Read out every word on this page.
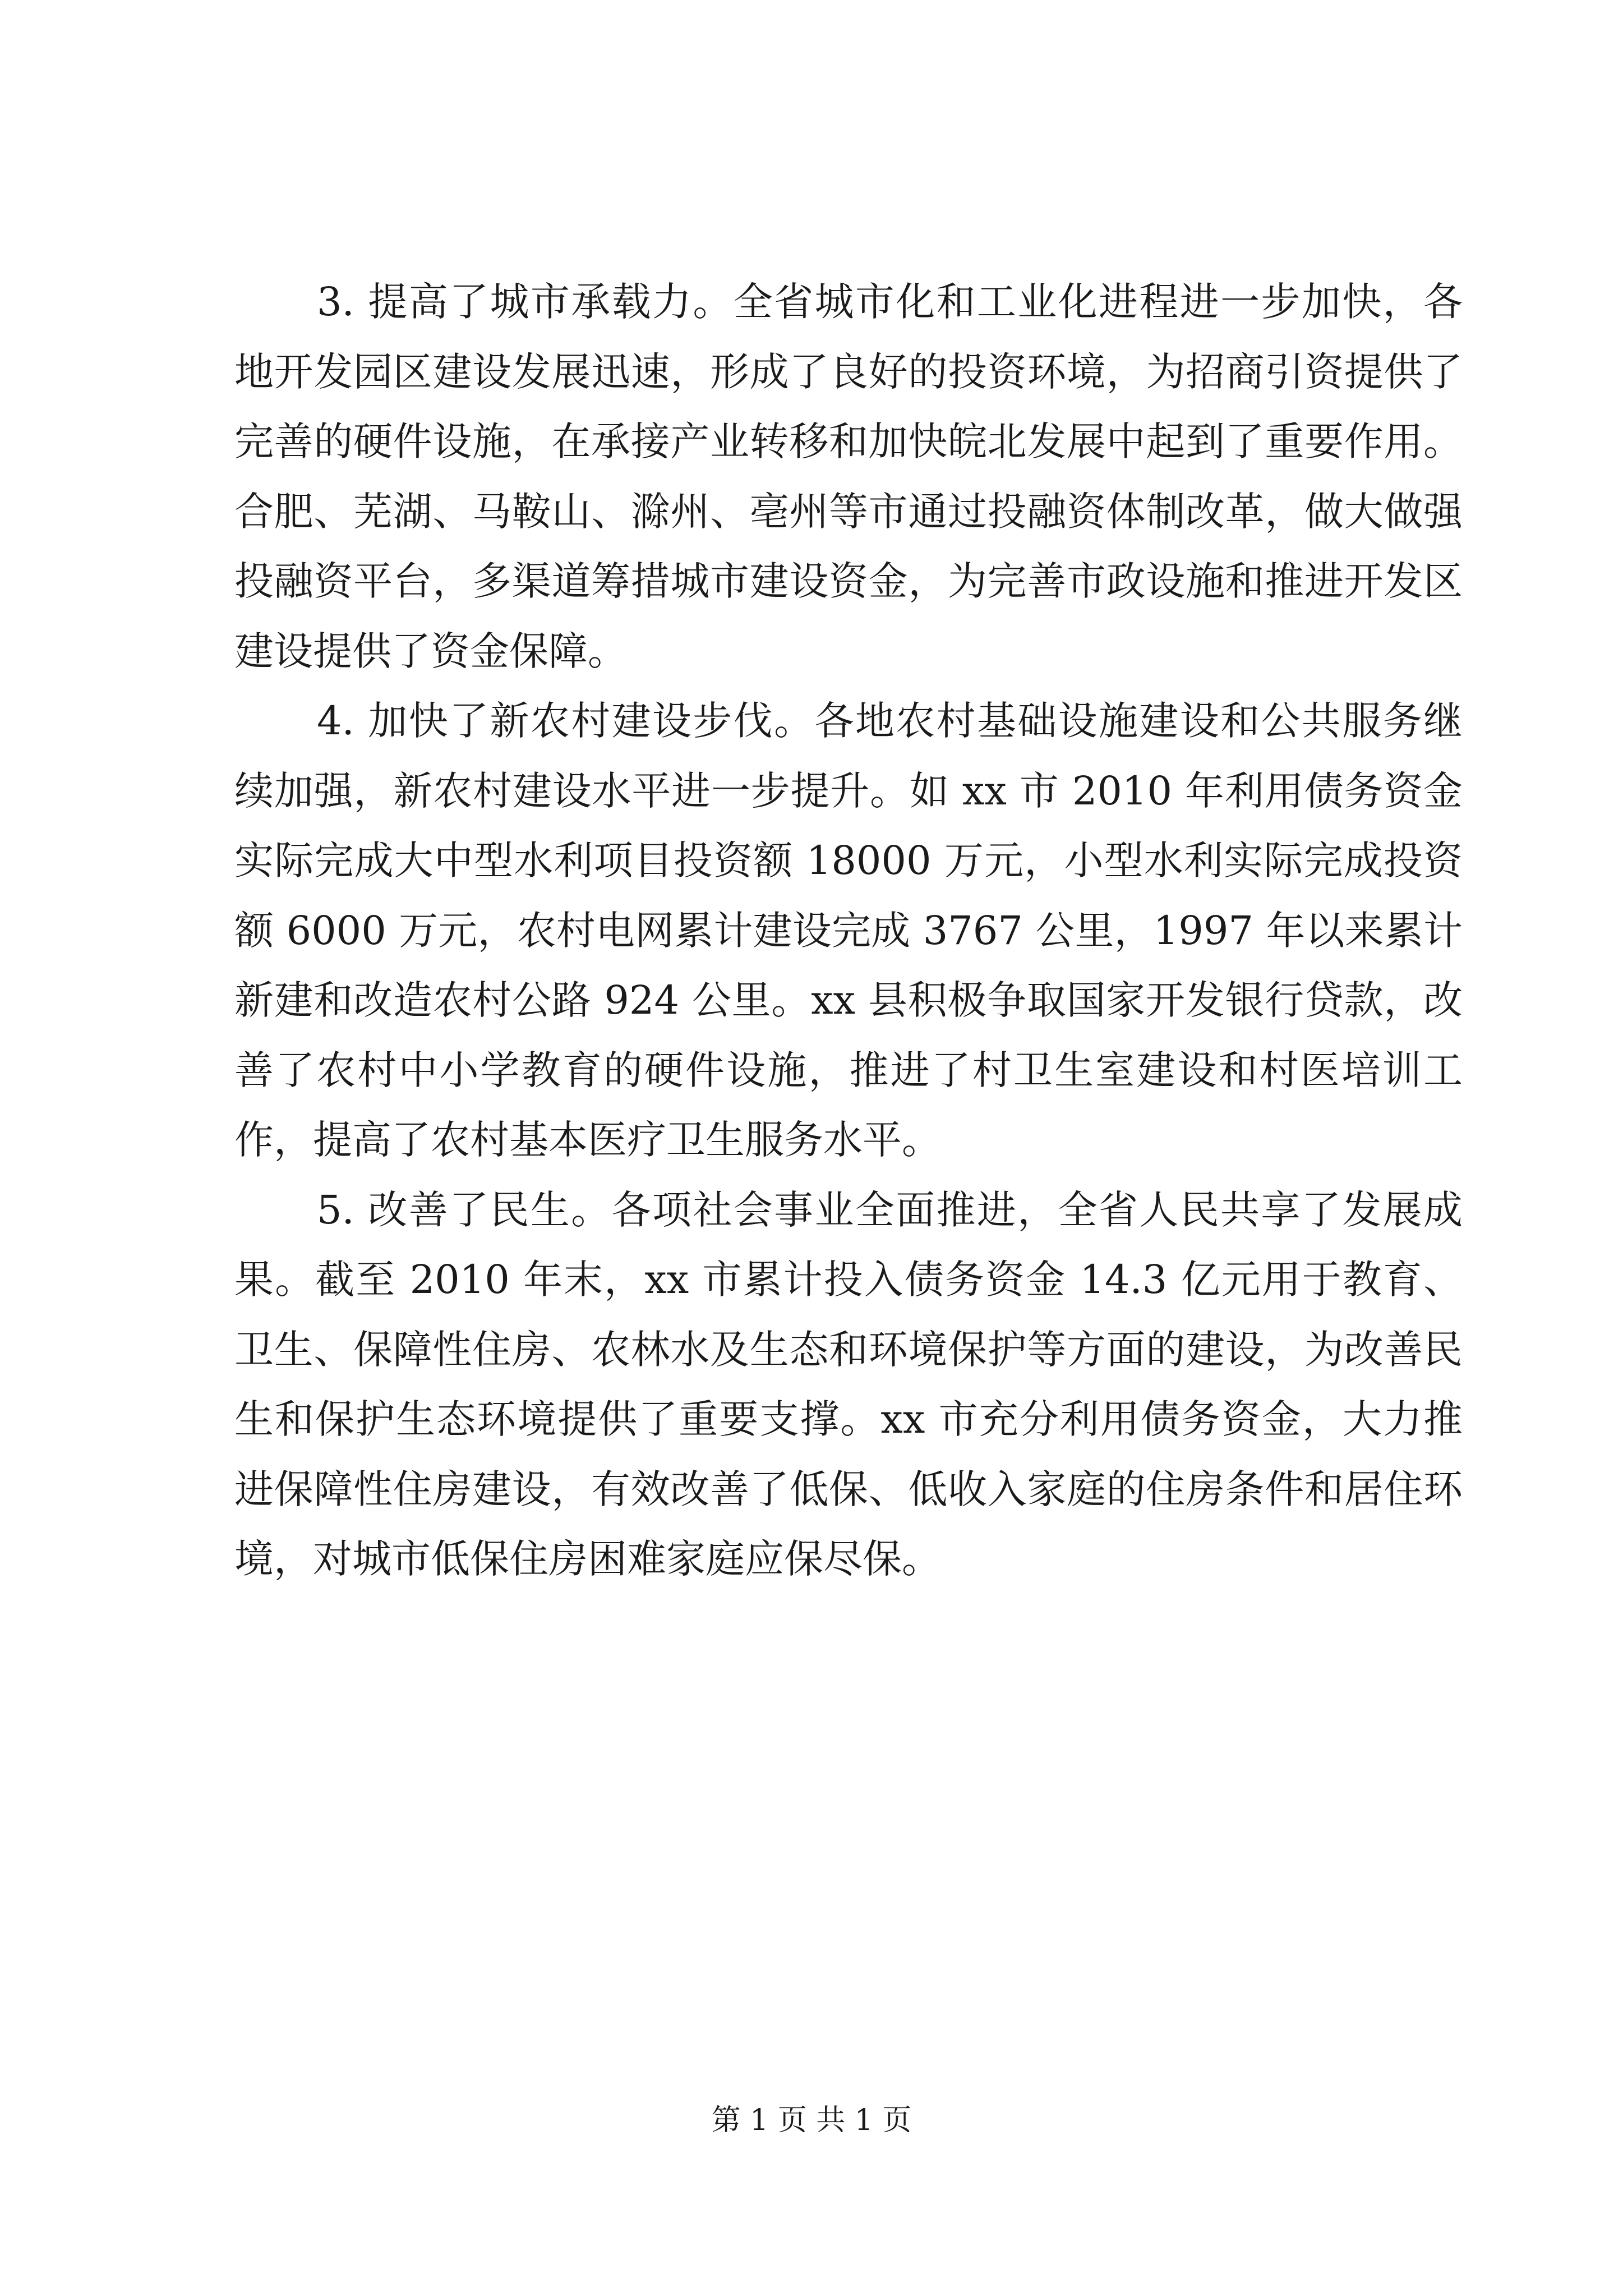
3. 提高了城市承载力。全省城市化和工业化进程进一步加快，各地开发园区建设发展迅速，形成了良好的投资环境，为招商引资提供了完善的硬件设施，在承接产业转移和加快皖北发展中起到了重要作用。合肥、芜湖、马鞍山、滁州、亳州等市通过投融资体制改革，做大做强投融资平台，多渠道筹措城市建设资金，为完善市政设施和推进开发区建设提供了资金保障。

4. 加快了新农村建设步伐。各地农村基础设施建设和公共服务继续加强，新农村建设水平进一步提升。如 xx 市 2010 年利用债务资金实际完成大中型水利项目投资额 18000 万元，小型水利实际完成投资额 6000 万元，农村电网累计建设完成 3767 公里，1997 年以来累计新建和改造农村公路 924 公里。xx 县积极争取国家开发银行贷款，改善了农村中小学教育的硬件设施，推进了村卫生室建设和村医培训工作，提高了农村基本医疗卫生服务水平。

5. 改善了民生。各项社会事业全面推进，全省人民共享了发展成果。截至 2010 年末，xx 市累计投入债务资金 14.3 亿元用于教育、卫生、保障性住房、农林水及生态和环境保护等方面的建设，为改善民生和保护生态环境提供了重要支撑。xx 市充分利用债务资金，大力推进保障性住房建设，有效改善了低保、低收入家庭的住房条件和居住环境，对城市低保住房困难家庭应保尽保。

第 1 页 共 1 页
